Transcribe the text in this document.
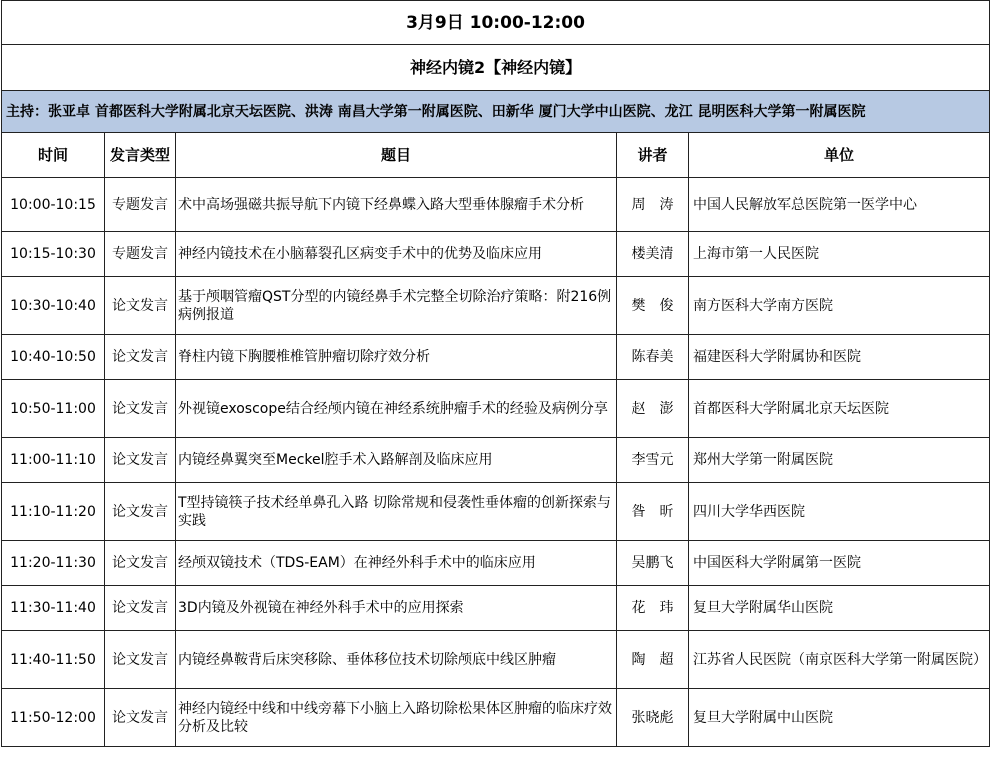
3月9日 10:00-12:00				
神经内镜2【神经内镜】				
主持：张亚卓 首都医科大学附属北京天坛医院、洪涛 南昌大学第一附属医院、田新华 厦门大学中山医院、龙江 昆明医科大学第一附属医院				
时间	发言类型	题目	讲者	单位
10:00-10:15	专题发言	术中高场强磁共振导航下内镜下经鼻蝶入路大型垂体腺瘤手术分析	周　涛	中国人民解放军总医院第一医学中心
10:15-10:30	专题发言	神经内镜技术在小脑幕裂孔区病变手术中的优势及临床应用	楼美清	上海市第一人民医院
10:30-10:40	论文发言	基于颅咽管瘤QST分型的内镜经鼻手术完整全切除治疗策略：附216例病例报道	樊　俊	南方医科大学南方医院
10:40-10:50	论文发言	脊柱内镜下胸腰椎椎管肿瘤切除疗效分析	陈春美	福建医科大学附属协和医院
10:50-11:00	论文发言	外视镜exoscope结合经颅内镜在神经系统肿瘤手术的经验及病例分享	赵　澎	首都医科大学附属北京天坛医院
11:00-11:10	论文发言	内镜经鼻翼突至Meckel腔手术入路解剖及临床应用	李雪元	郑州大学第一附属医院
11:10-11:20	论文发言	T型持镜筷子技术经单鼻孔入路 切除常规和侵袭性垂体瘤的创新探索与实践	昝　昕	四川大学华西医院
11:20-11:30	论文发言	经颅双镜技术（TDS-EAM）在神经外科手术中的临床应用	吴鹏飞	中国医科大学附属第一医院
11:30-11:40	论文发言	3D内镜及外视镜在神经外科手术中的应用探索	花　玮	复旦大学附属华山医院
11:40-11:50	论文发言	内镜经鼻鞍背后床突移除、垂体移位技术切除颅底中线区肿瘤	陶　超	江苏省人民医院（南京医科大学第一附属医院）
11:50-12:00	论文发言	神经内镜经中线和中线旁幕下小脑上入路切除松果体区肿瘤的临床疗效分析及比较	张晓彪	复旦大学附属中山医院
